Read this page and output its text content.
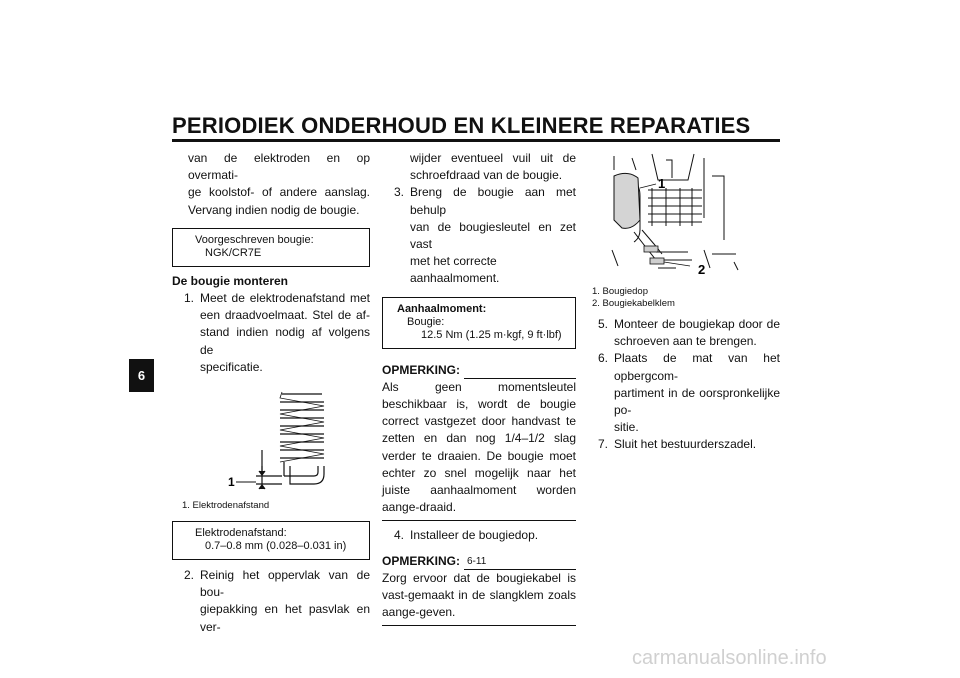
PERIODIEK ONDERHOUD EN KLEINERE REPARATIES
6
van de elektroden en op overmati-
ge koolstof- of andere aanslag.
Vervang indien nodig de bougie.
Voorgeschreven bougie:
NGK/CR7E
De bougie monteren
1. Meet de elektrodenafstand met
een draadvoelmaat. Stel de af-
stand indien nodig af volgens de
specificatie.
1
1. Elektrodenafstand
Elektrodenafstand:
0.7–0.8 mm (0.028–0.031 in)
2. Reinig het oppervlak van de bou-
giepakking en het pasvlak en ver-
wijder eventueel vuil uit de
schroefdraad van de bougie.
3. Breng de bougie aan met behulp
van de bougiesleutel en zet vast
met het correcte aanhaalmoment.
Aanhaalmoment:
Bougie:
12.5 Nm (1.25 m·kgf, 9 ft·lbf)
OPMERKING:
Als geen momentsleutel beschikbaar is, wordt de bougie correct vastgezet door handvast te zetten en dan nog 1/4–1/2 slag verder te draaien. De bougie moet echter zo snel mogelijk naar het juiste aanhaalmoment worden aange-draaid.
4. Installeer de bougiedop.
OPMERKING:
Zorg ervoor dat de bougiekabel is vast-gemaakt in de slangklem zoals aange-geven.
1
2
1. Bougiedop
2. Bougiekabelklem
5. Monteer de bougiekap door de
schroeven aan te brengen.
6. Plaats de mat van het opbergcom-
partiment in de oorspronkelijke po-
sitie.
7. Sluit het bestuurderszadel.
6-11
carmanualsonline.info
